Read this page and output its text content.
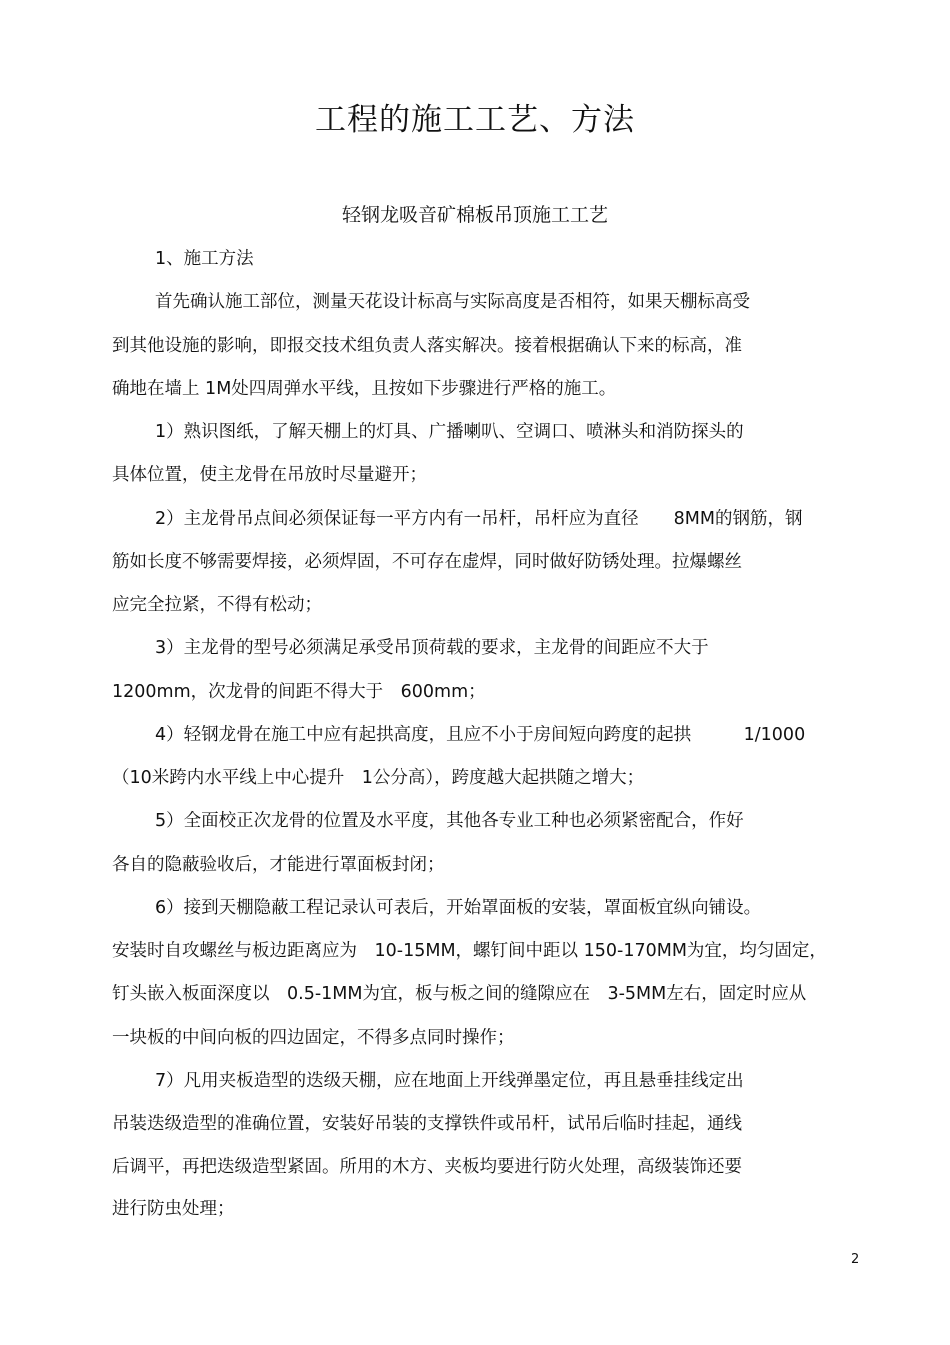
工程的施工工艺、方法
轻钢龙吸音矿棉板吊顶施工工艺
1、施工方法
首先确认施工部位，测量天花设计标高与实际高度是否相符，如果天棚标高受
到其他设施的影响，即报交技术组负责人落实解决。接着根据确认下来的标高，准
确地在墙上 1M处四周弹水平线，且按如下步骤进行严格的施工。
1）熟识图纸，了解天棚上的灯具、广播喇叭、空调口、喷淋头和消防探头的
具体位置，使主龙骨在吊放时尽量避开；
2）主龙骨吊点间必须保证每一平方内有一吊杆，吊杆应为直径　　8MM的钢筋，钢
筋如长度不够需要焊接，必须焊固，不可存在虚焊，同时做好防锈处理。拉爆螺丝
应完全拉紧，不得有松动；
3）主龙骨的型号必须满足承受吊顶荷载的要求，主龙骨的间距应不大于
1200mm，次龙骨的间距不得大于　600mm；
4）轻钢龙骨在施工中应有起拱高度，且应不小于房间短向跨度的起拱　　　1/1000
（10米跨内水平线上中心提升　1公分高），跨度越大起拱随之增大；
5）全面校正次龙骨的位置及水平度，其他各专业工种也必须紧密配合，作好
各自的隐蔽验收后，才能进行罩面板封闭；
6）接到天棚隐蔽工程记录认可表后，开始罩面板的安装，罩面板宜纵向铺设。
安装时自攻螺丝与板边距离应为　10-15MM，螺钉间中距以 150-170MM为宜，均匀固定，
钉头嵌入板面深度以　0.5-1MM为宜，板与板之间的缝隙应在　3-5MM左右，固定时应从
一块板的中间向板的四边固定，不得多点同时操作；
7）凡用夹板造型的迭级天棚，应在地面上开线弹墨定位，再且悬垂挂线定出
吊装迭级造型的准确位置，安装好吊装的支撑铁件或吊杆，试吊后临时挂起，通线
后调平，再把迭级造型紧固。所用的木方、夹板均要进行防火处理，高级装饰还要
进行防虫处理；
2
